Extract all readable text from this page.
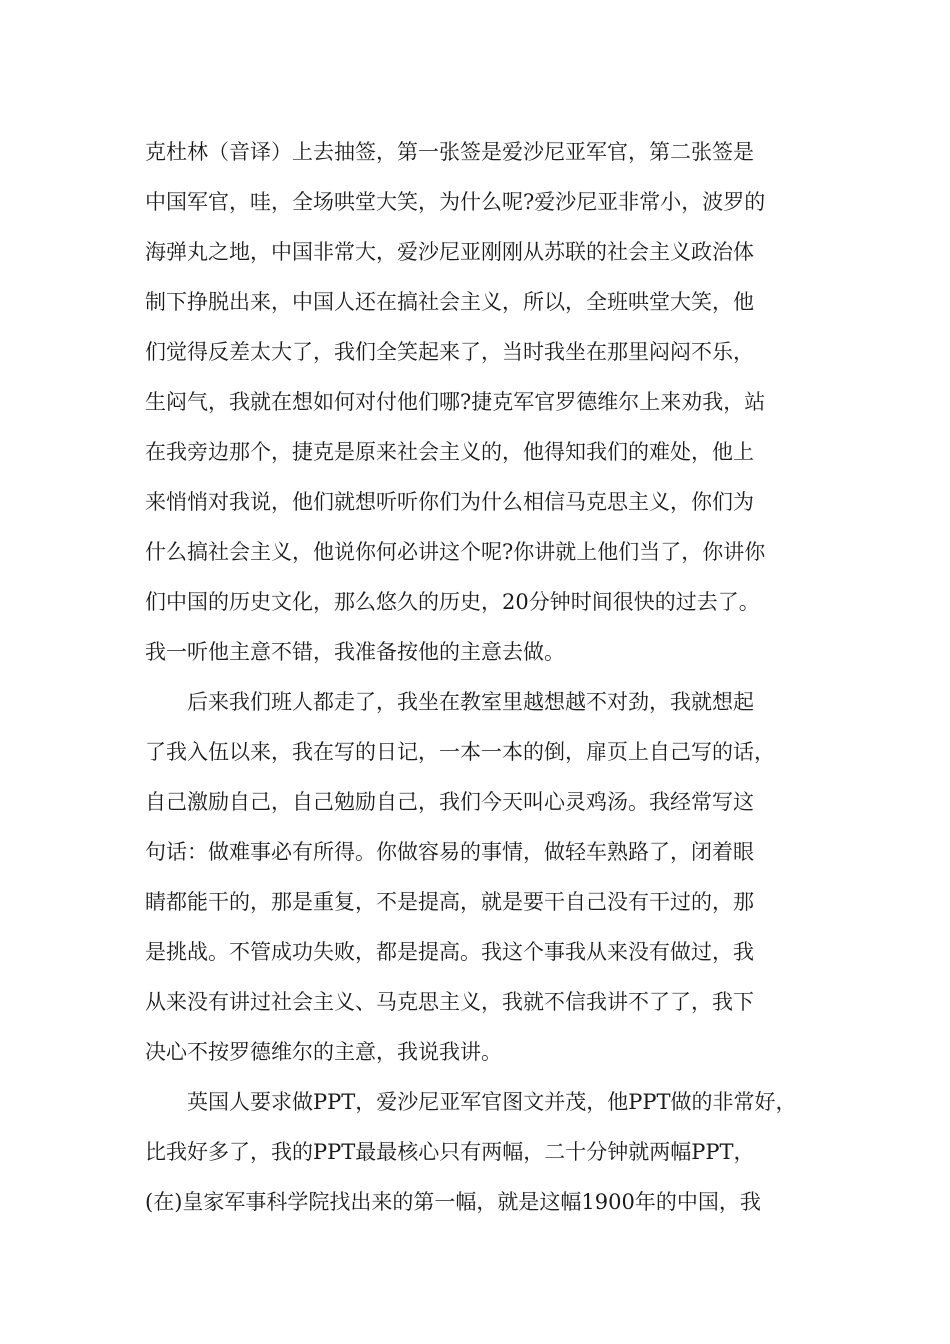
克杜林（音译）上去抽签，第一张签是爱沙尼亚军官，第二张签是
中国军官，哇，全场哄堂大笑，为什么呢?爱沙尼亚非常小，波罗的
海弹丸之地，中国非常大，爱沙尼亚刚刚从苏联的社会主义政治体
制下挣脱出来，中国人还在搞社会主义，所以，全班哄堂大笑，他
们觉得反差太大了，我们全笑起来了，当时我坐在那里闷闷不乐，
生闷气，我就在想如何对付他们哪?捷克军官罗德维尔上来劝我，站
在我旁边那个，捷克是原来社会主义的，他得知我们的难处，他上
来悄悄对我说，他们就想听听你们为什么相信马克思主义，你们为
什么搞社会主义，他说你何必讲这个呢?你讲就上他们当了，你讲你
们中国的历史文化，那么悠久的历史，20分钟时间很快的过去了。
我一听他主意不错，我准备按他的主意去做。
后来我们班人都走了，我坐在教室里越想越不对劲，我就想起
了我入伍以来，我在写的日记，一本一本的倒，扉页上自己写的话，
自己激励自己，自己勉励自己，我们今天叫心灵鸡汤。我经常写这
句话：做难事必有所得。你做容易的事情，做轻车熟路了，闭着眼
睛都能干的，那是重复，不是提高，就是要干自己没有干过的，那
是挑战。不管成功失败，都是提高。我这个事我从来没有做过，我
从来没有讲过社会主义、马克思主义，我就不信我讲不了了，我下
决心不按罗德维尔的主意，我说我讲。
英国人要求做PPT，爱沙尼亚军官图文并茂，他PPT做的非常好，
比我好多了，我的PPT最最核心只有两幅，二十分钟就两幅PPT，
(在)皇家军事科学院找出来的第一幅，就是这幅1900年的中国，我
